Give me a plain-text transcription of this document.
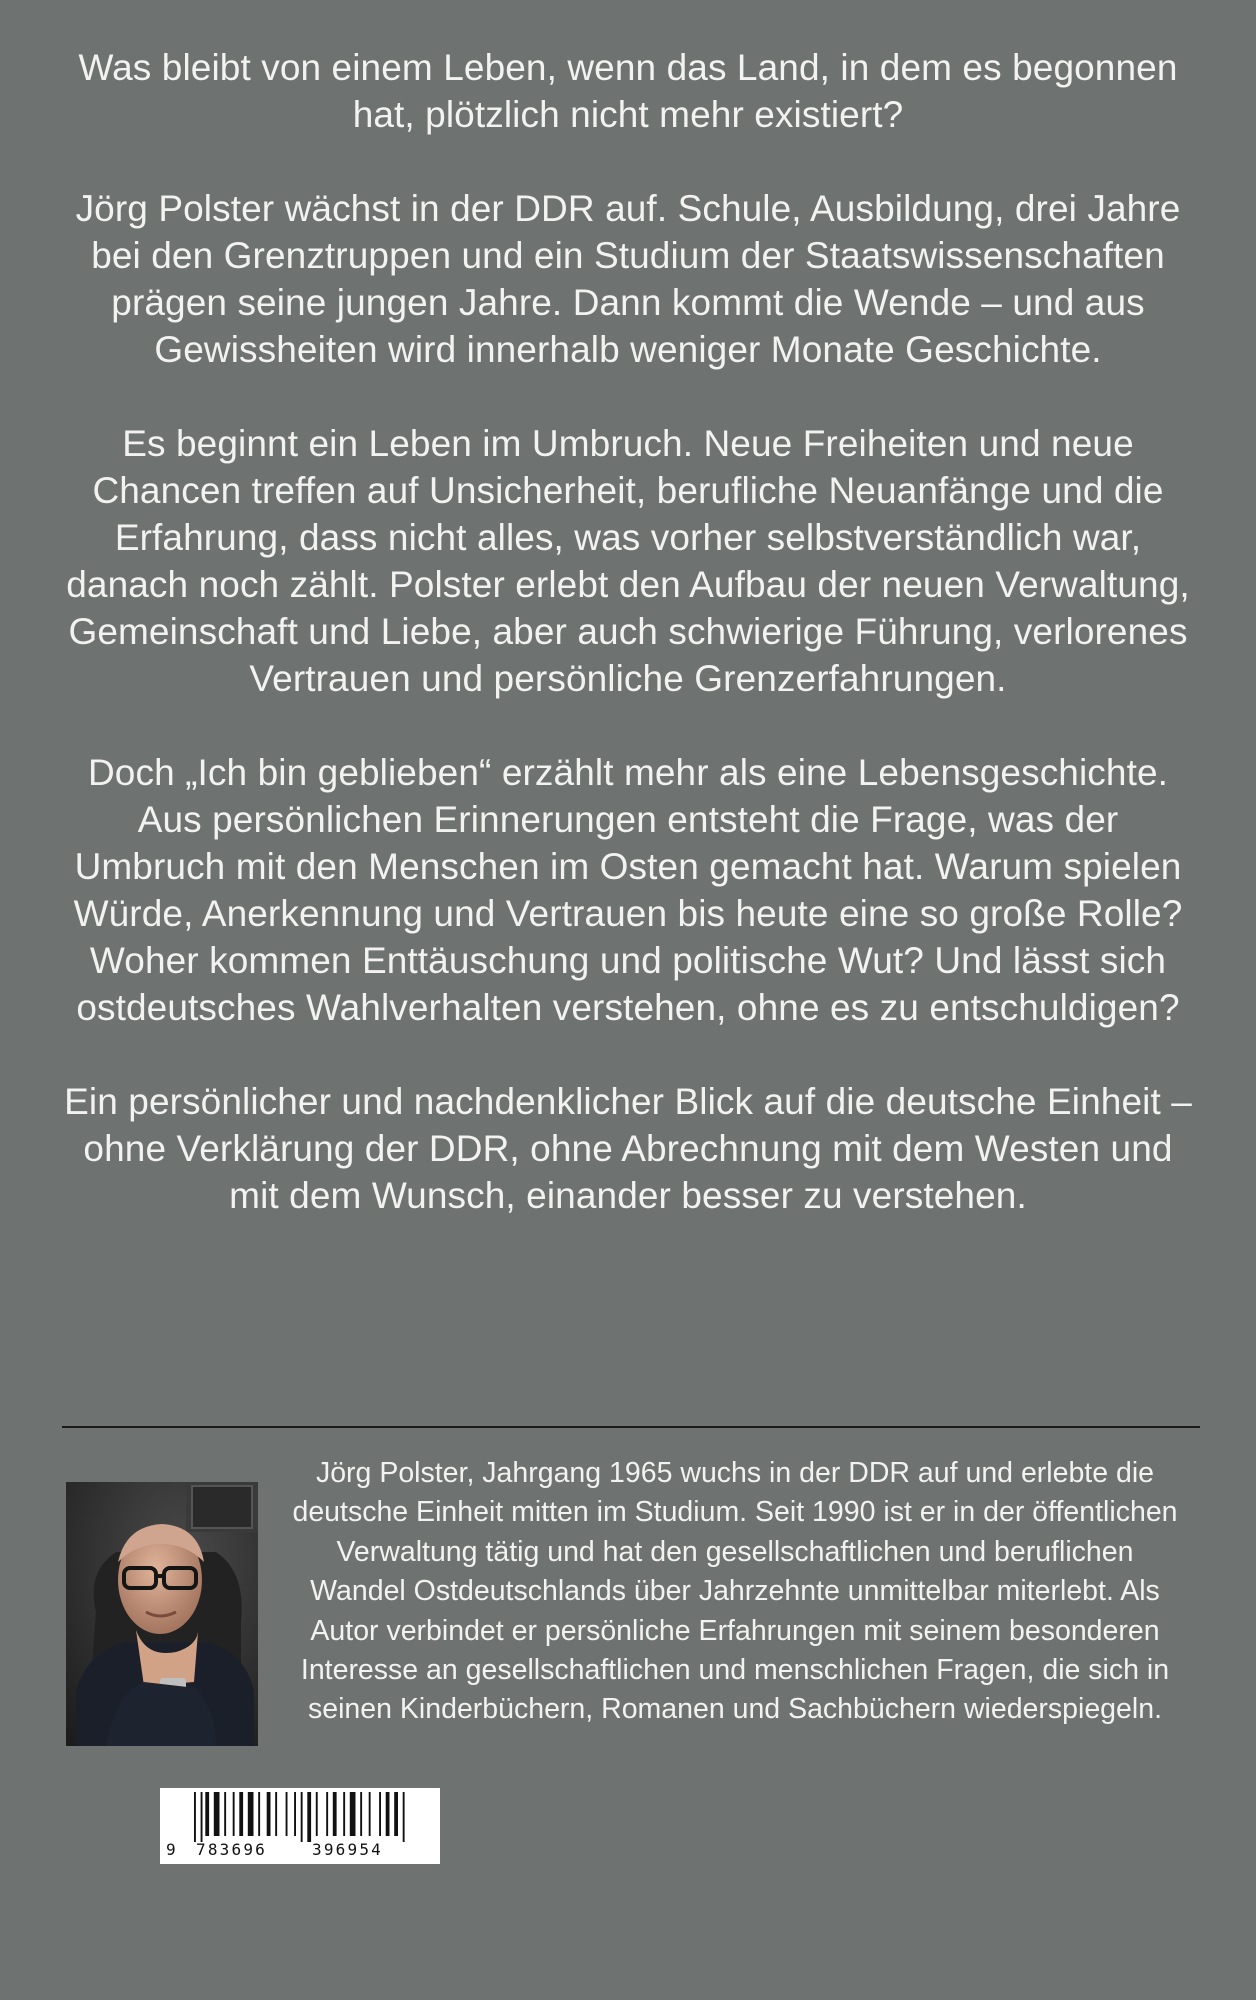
Was bleibt von einem Leben, wenn das Land, in dem es begonnen hat, plötzlich nicht mehr existiert?

Jörg Polster wächst in der DDR auf. Schule, Ausbildung, drei Jahre bei den Grenztruppen und ein Studium der Staatswissenschaften prägen seine jungen Jahre. Dann kommt die Wende – und aus Gewissheiten wird innerhalb weniger Monate Geschichte.

Es beginnt ein Leben im Umbruch. Neue Freiheiten und neue Chancen treffen auf Unsicherheit, berufliche Neuanfänge und die Erfahrung, dass nicht alles, was vorher selbstverständlich war, danach noch zählt. Polster erlebt den Aufbau der neuen Verwaltung, Gemeinschaft und Liebe, aber auch schwierige Führung, verlorenes Vertrauen und persönliche Grenzerfahrungen.

Doch „Ich bin geblieben“ erzählt mehr als eine Lebensgeschichte. Aus persönlichen Erinnerungen entsteht die Frage, was der Umbruch mit den Menschen im Osten gemacht hat. Warum spielen Würde, Anerkennung und Vertrauen bis heute eine so große Rolle? Woher kommen Enttäuschung und politische Wut? Und lässt sich ostdeutsches Wahlverhalten verstehen, ohne es zu entschuldigen?

Ein persönlicher und nachdenklicher Blick auf die deutsche Einheit – ohne Verklärung der DDR, ohne Abrechnung mit dem Westen und mit dem Wunsch, einander besser zu verstehen.

Jörg Polster, Jahrgang 1965 wuchs in der DDR auf und erlebte die deutsche Einheit mitten im Studium. Seit 1990 ist er in der öffentlichen Verwaltung tätig und hat den gesellschaftlichen und beruflichen Wandel Ostdeutschlands über Jahrzehnte unmittelbar miterlebt. Als Autor verbindet er persönliche Erfahrungen mit seinem besonderen Interesse an gesellschaftlichen und menschlichen Fragen, die sich in seinen Kinderbüchern, Romanen und Sachbüchern wiederspiegeln.

9 783696	396954
